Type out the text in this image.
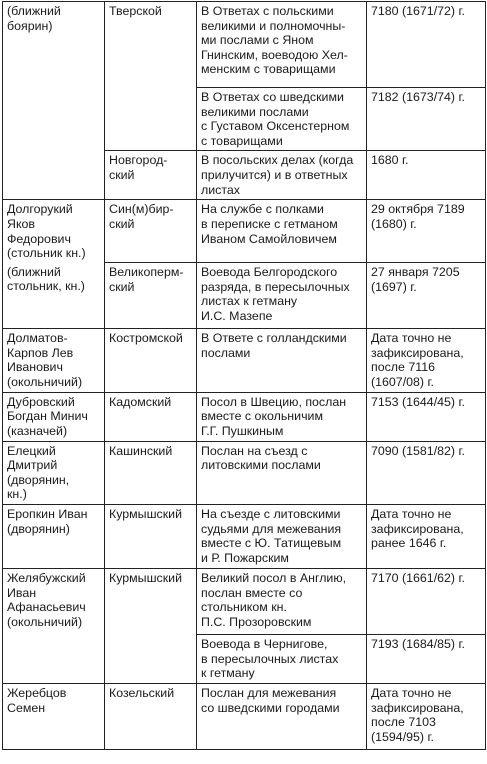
(ближний
боярин)	Тверской	В Ответах с польскими
великими и полномочны-
ми послами с Яном
Гнинским, воеводою Хел-
менским с товарищами	7180 (1671/72) г.
		В Ответах со шведскими
великими послами
с Густавом Оксенстерном
с товарищами	7182 (1673/74) г.
	Новгород-
ский	В посольских делах (когда
прилучится) и в ответных
листах	1680 г.
Долгорукий
Яков
Федорович
(стольник кн.)	Син(м)бир-
ский	На службе с полками
в переписке с гетманом
Иваном Самойловичем	29 октября 7189
(1680) г.
(ближний
стольник, кн.)	Великоперм-
ский	Воевода Белгородского
разряда, в пересылочных
листах к гетману
И.С. Мазепе	27 января 7205
(1697) г.
Долматов-
Карпов Лев
Иванович
(окольничий)	Костромской	В Ответе с голландскими
послами	Дата точно не
зафиксирована,
после 7116
(1607/08) г.
Дубровский
Богдан Минич
(казначей)	Кадомский	Посол в Швецию, послан
вместе с окольничим
Г.Г. Пушкиным	7153 (1644/45) г.
Елецкий
Дмитрий
(дворянин,
кн.)	Кашинский	Послан на съезд с
литовскими послами	7090 (1581/82) г.
Еропкин Иван
(дворянин)	Курмышский	На съезде с литовскими
судьями для межевания
вместе с Ю. Татищевым
и Р. Пожарским	Дата точно не
зафиксирована,
ранее 1646 г.
Желябужский
Иван
Афанасьевич
(окольничий)	Курмышский	Великий посол в Англию,
послан вместе со
стольником кн.
П.С. Прозоровским	7170 (1661/62) г.
		Воевода в Чернигове,
в пересылочных листах
к гетману	7193 (1684/85) г.
Жеребцов
Семен	Козельский	Послан для межевания
со шведскими городами	Дата точно не
зафиксирована,
после 7103
(1594/95) г.
